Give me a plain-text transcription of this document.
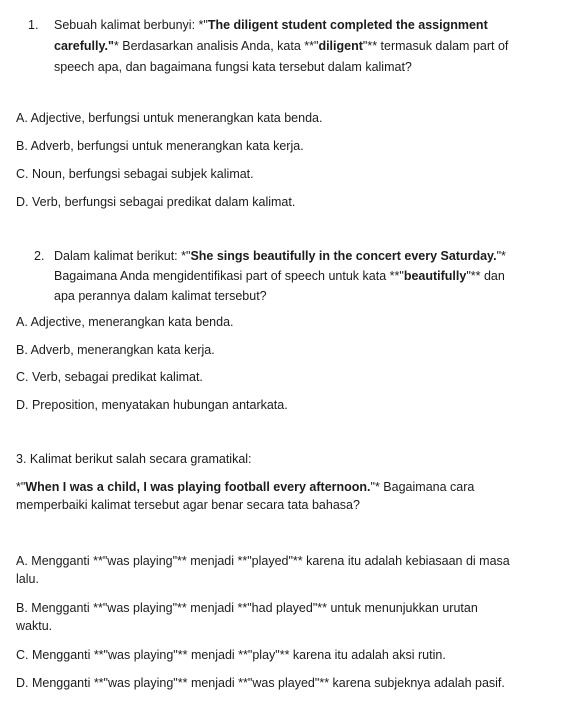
1. Sebuah kalimat berbunyi: *"The diligent student completed the assignment
carefully."* Berdasarkan analisis Anda, kata **"diligent"** termasuk dalam part of
speech apa, dan bagaimana fungsi kata tersebut dalam kalimat?
A. Adjective, berfungsi untuk menerangkan kata benda.
B. Adverb, berfungsi untuk menerangkan kata kerja.
C. Noun, berfungsi sebagai subjek kalimat.
D. Verb, berfungsi sebagai predikat dalam kalimat.
2. Dalam kalimat berikut: *"She sings beautifully in the concert every Saturday."*
Bagaimana Anda mengidentifikasi part of speech untuk kata **"beautifully"** dan
apa perannya dalam kalimat tersebut?
A. Adjective, menerangkan kata benda.
B. Adverb, menerangkan kata kerja.
C. Verb, sebagai predikat kalimat.
D. Preposition, menyatakan hubungan antarkata.
3. Kalimat berikut salah secara gramatikal:
*"When I was a child, I was playing football every afternoon."* Bagaimana cara
memperbaiki kalimat tersebut agar benar secara tata bahasa?
A. Mengganti **"was playing"** menjadi **"played"** karena itu adalah kebiasaan di masa
lalu.
B. Mengganti **"was playing"** menjadi **"had played"** untuk menunjukkan urutan
waktu.
C. Mengganti **"was playing"** menjadi **"play"** karena itu adalah aksi rutin.
D. Mengganti **"was playing"** menjadi **"was played"** karena subjeknya adalah pasif.
